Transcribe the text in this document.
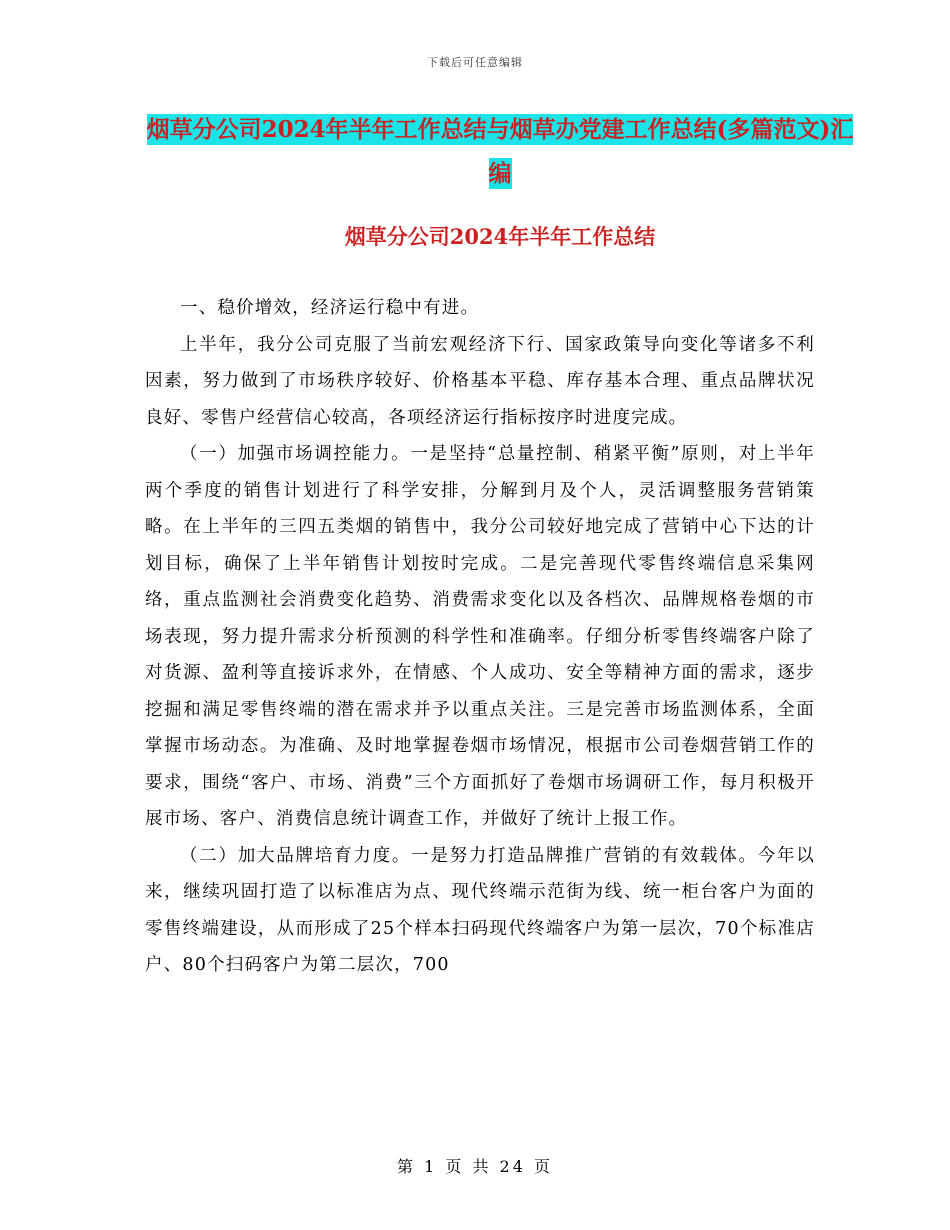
下载后可任意编辑
烟草分公司2024年半年工作总结与烟草办党建工作总结(多篇范文)汇编
烟草分公司2024年半年工作总结

一、稳价增效，经济运行稳中有进。

上半年，我分公司克服了当前宏观经济下行、国家政策导向变化等诸多不利因素，努力做到了市场秩序较好、价格基本平稳、库存基本合理、重点品牌状况良好、零售户经营信心较高，各项经济运行指标按序时进度完成。

（一）加强市场调控能力。一是坚持“总量控制、稍紧平衡”原则，对上半年两个季度的销售计划进行了科学安排，分解到月及个人，灵活调整服务营销策略。在上半年的三四五类烟的销售中，我分公司较好地完成了营销中心下达的计划目标，确保了上半年销售计划按时完成。二是完善现代零售终端信息采集网络，重点监测社会消费变化趋势、消费需求变化以及各档次、品牌规格卷烟的市场表现，努力提升需求分析预测的科学性和准确率。仔细分析零售终端客户除了对货源、盈利等直接诉求外，在情感、个人成功、安全等精神方面的需求，逐步挖掘和满足零售终端的潜在需求并予以重点关注。三是完善市场监测体系，全面掌握市场动态。为准确、及时地掌握卷烟市场情况，根据市公司卷烟营销工作的要求，围绕“客户、市场、消费”三个方面抓好了卷烟市场调研工作，每月积极开展市场、客户、消费信息统计调查工作，并做好了统计上报工作。

（二）加大品牌培育力度。一是努力打造品牌推广营销的有效载体。今年以来，继续巩固打造了以标准店为点、现代终端示范街为线、统一柜台客户为面的零售终端建设，从而形成了25个样本扫码现代终端客户为第一层次，70个标准店户、80个扫码客户为第二层次，700

第 1 页 共 24 页
